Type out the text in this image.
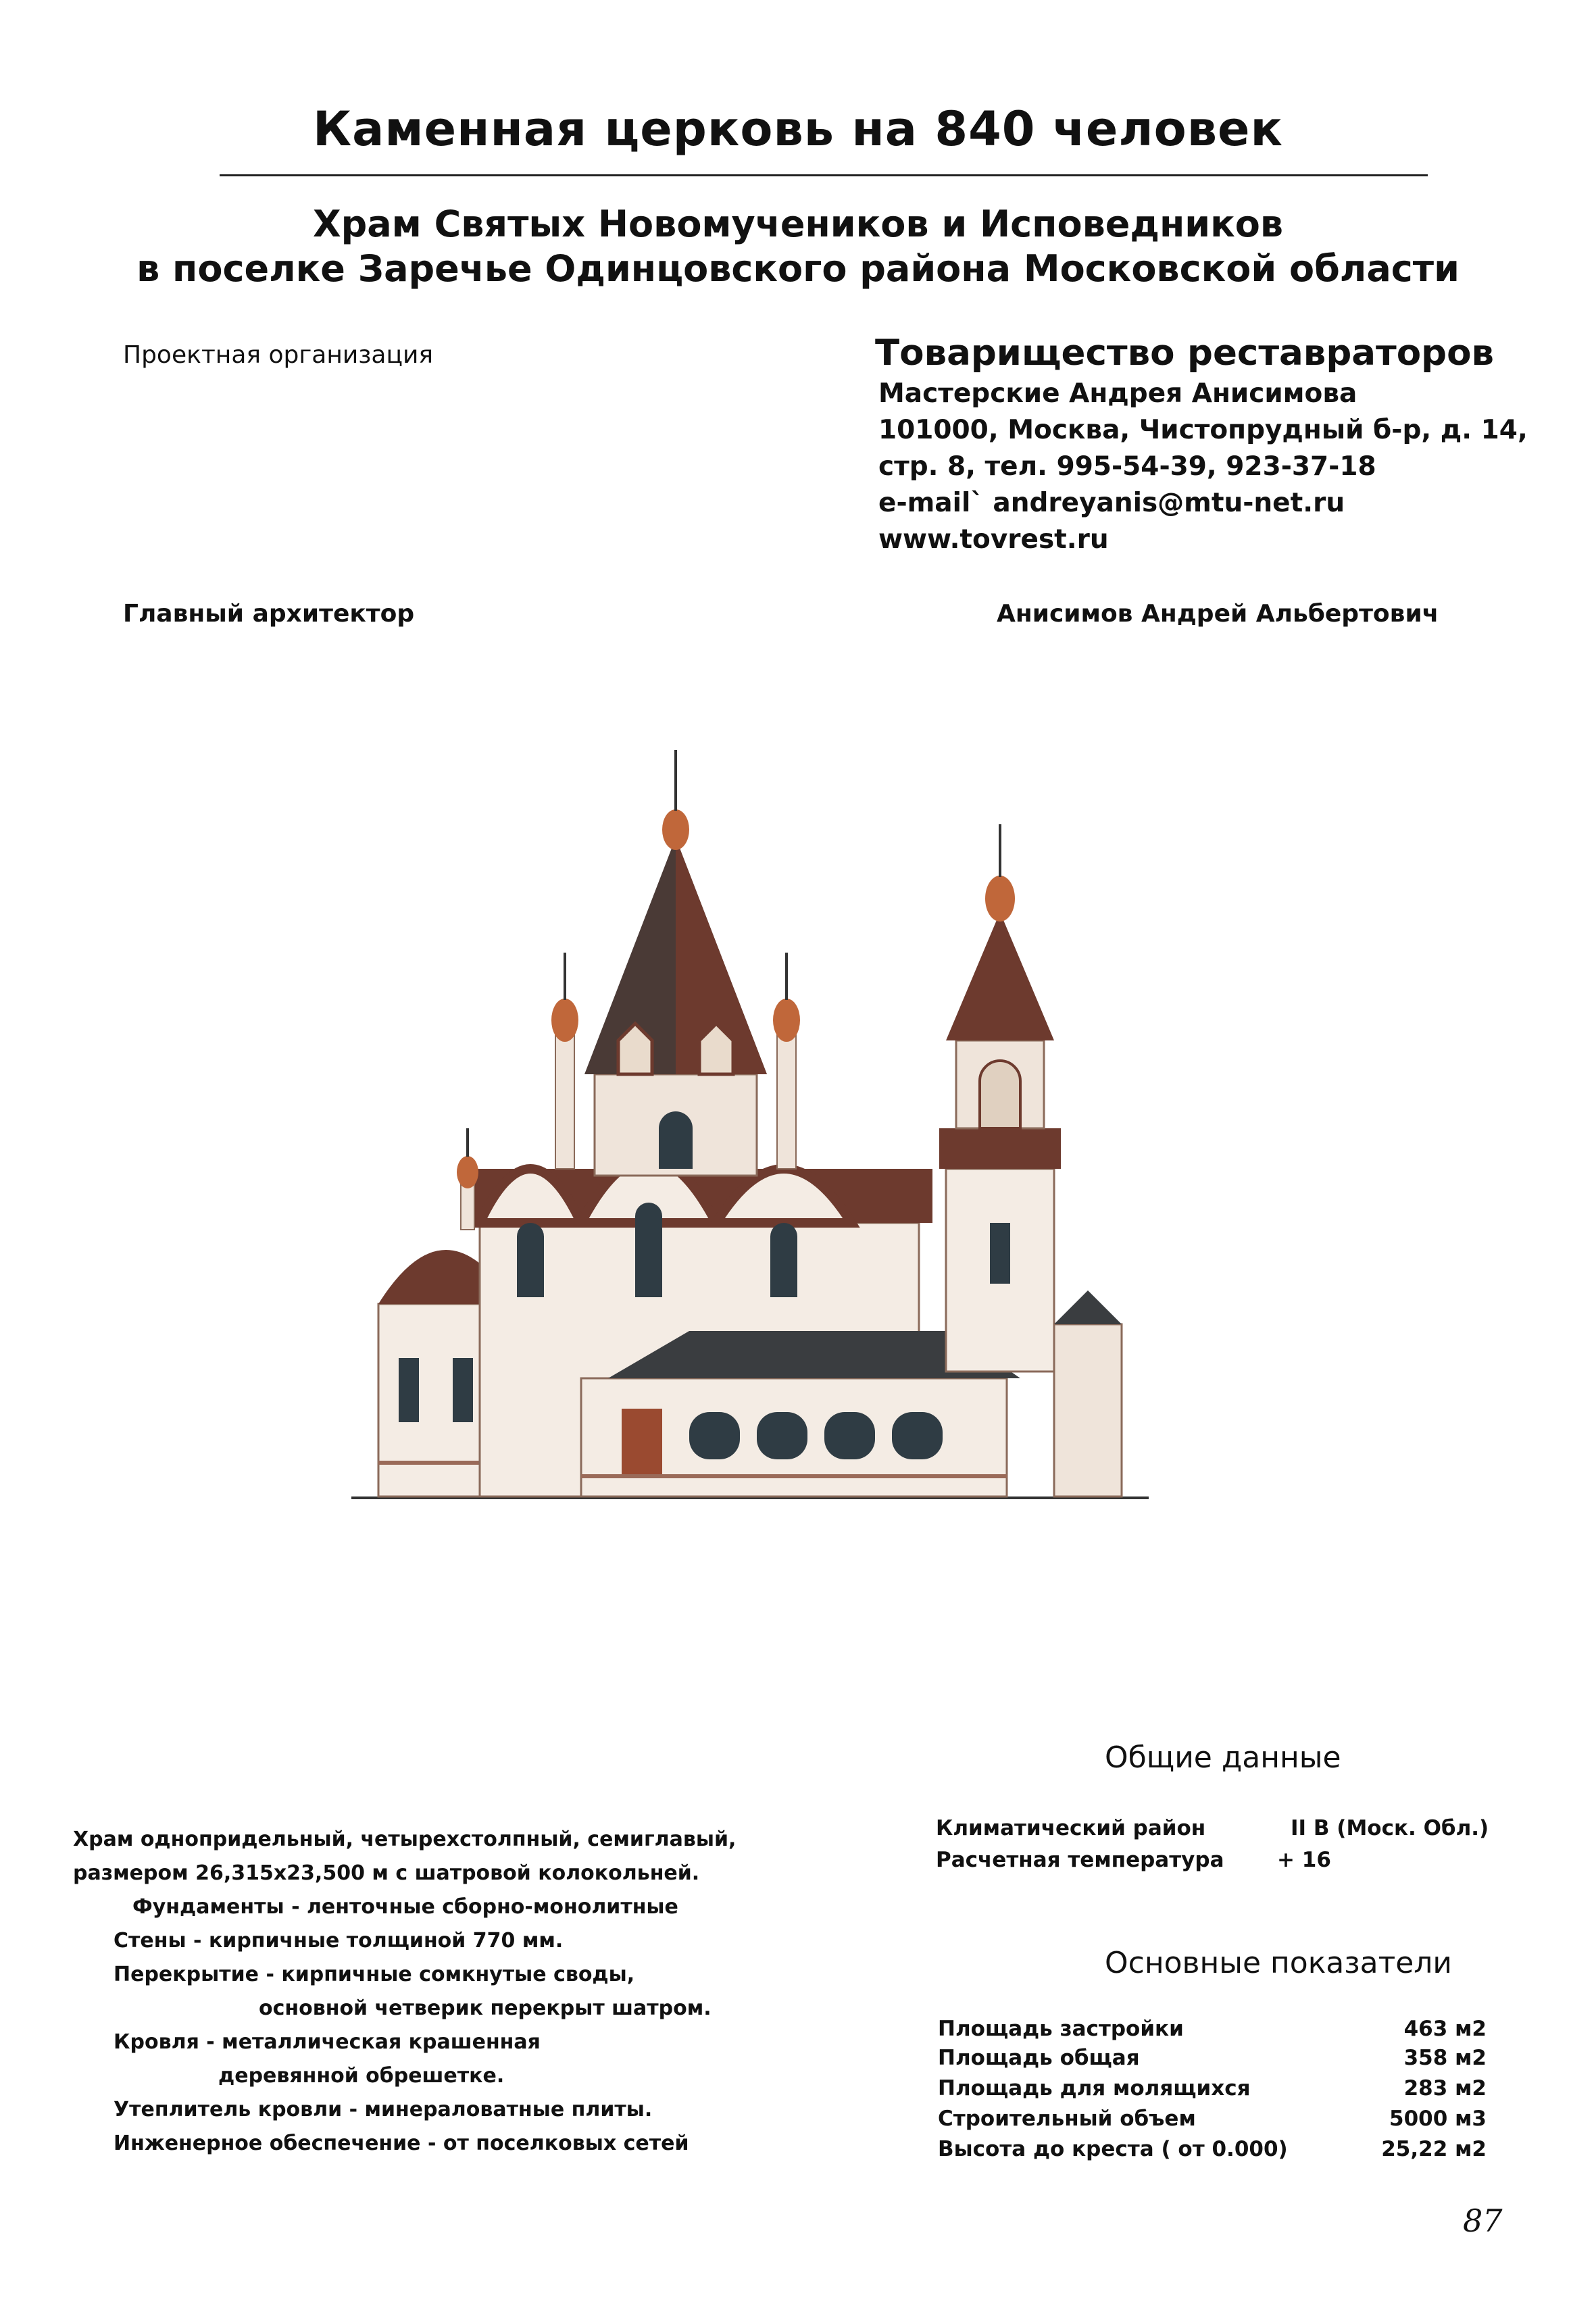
Каменная церковь на 840 человек
Храм Святых Новомучеников и Исповедников
в поселке Заречье Одинцовского района Московской области
Проектная организация	Товарищество реставраторов
Мастерские Андрея Анисимова
101000, Москва, Чистопрудный б-р, д. 14,
стр. 8, тел. 995-54-39, 923-37-18
e-mail` andreyanis@mtu-net.ru
www.tovrest.ru
Главный архитектор	Анисимов Андрей Альбертович
Общие данные
Климатический район	II В (Моск. Обл.)
Расчетная температура	+ 16
Основные показатели
Площадь застройки	463 м2
Площадь общая	358 м2
Площадь для молящихся	283 м2
Строительный объем	5000 м3
Высота до креста ( от 0.000)	25,22 м2
Храм однопридельный, четырехстолпный, семиглавый,
размером 26,315х23,500 м с шатровой колокольней.
Фундаменты - ленточные сборно-монолитные
Стены - кирпичные толщиной 770 мм.
Перекрытие - кирпичные сомкнутые своды,
основной четверик перекрыт шатром.
Кровля - металлическая крашенная
деревянной обрешетке.
Утеплитель кровли - минераловатные плиты.
Инженерное обеспечение - от поселковых сетей
87
